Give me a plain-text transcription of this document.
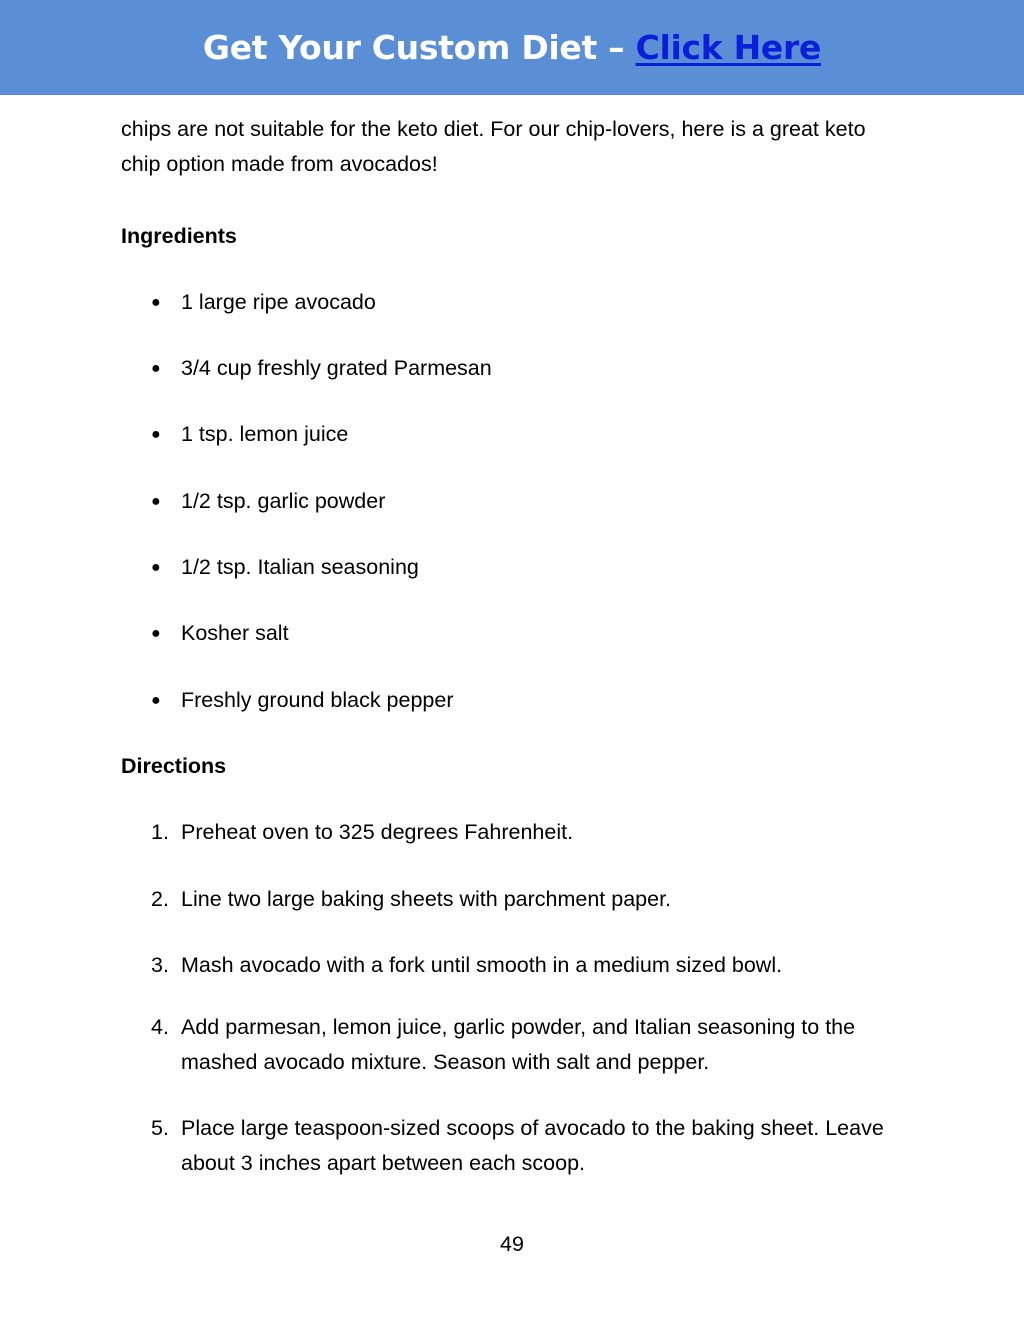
Get Your Custom Diet – Click Here

chips are not suitable for the keto diet. For our chip-lovers, here is a great keto chip option made from avocados!

Ingredients
● 1 large ripe avocado
● 3/4 cup freshly grated Parmesan
● 1 tsp. lemon juice
● 1/2 tsp. garlic powder
● 1/2 tsp. Italian seasoning
● Kosher salt
● Freshly ground black pepper
Directions
1. Preheat oven to 325 degrees Fahrenheit.
2. Line two large baking sheets with parchment paper.
3. Mash avocado with a fork until smooth in a medium sized bowl.
4. Add parmesan, lemon juice, garlic powder, and Italian seasoning to the mashed avocado mixture. Season with salt and pepper.
5. Place large teaspoon-sized scoops of avocado to the baking sheet. Leave about 3 inches apart between each scoop.
49
